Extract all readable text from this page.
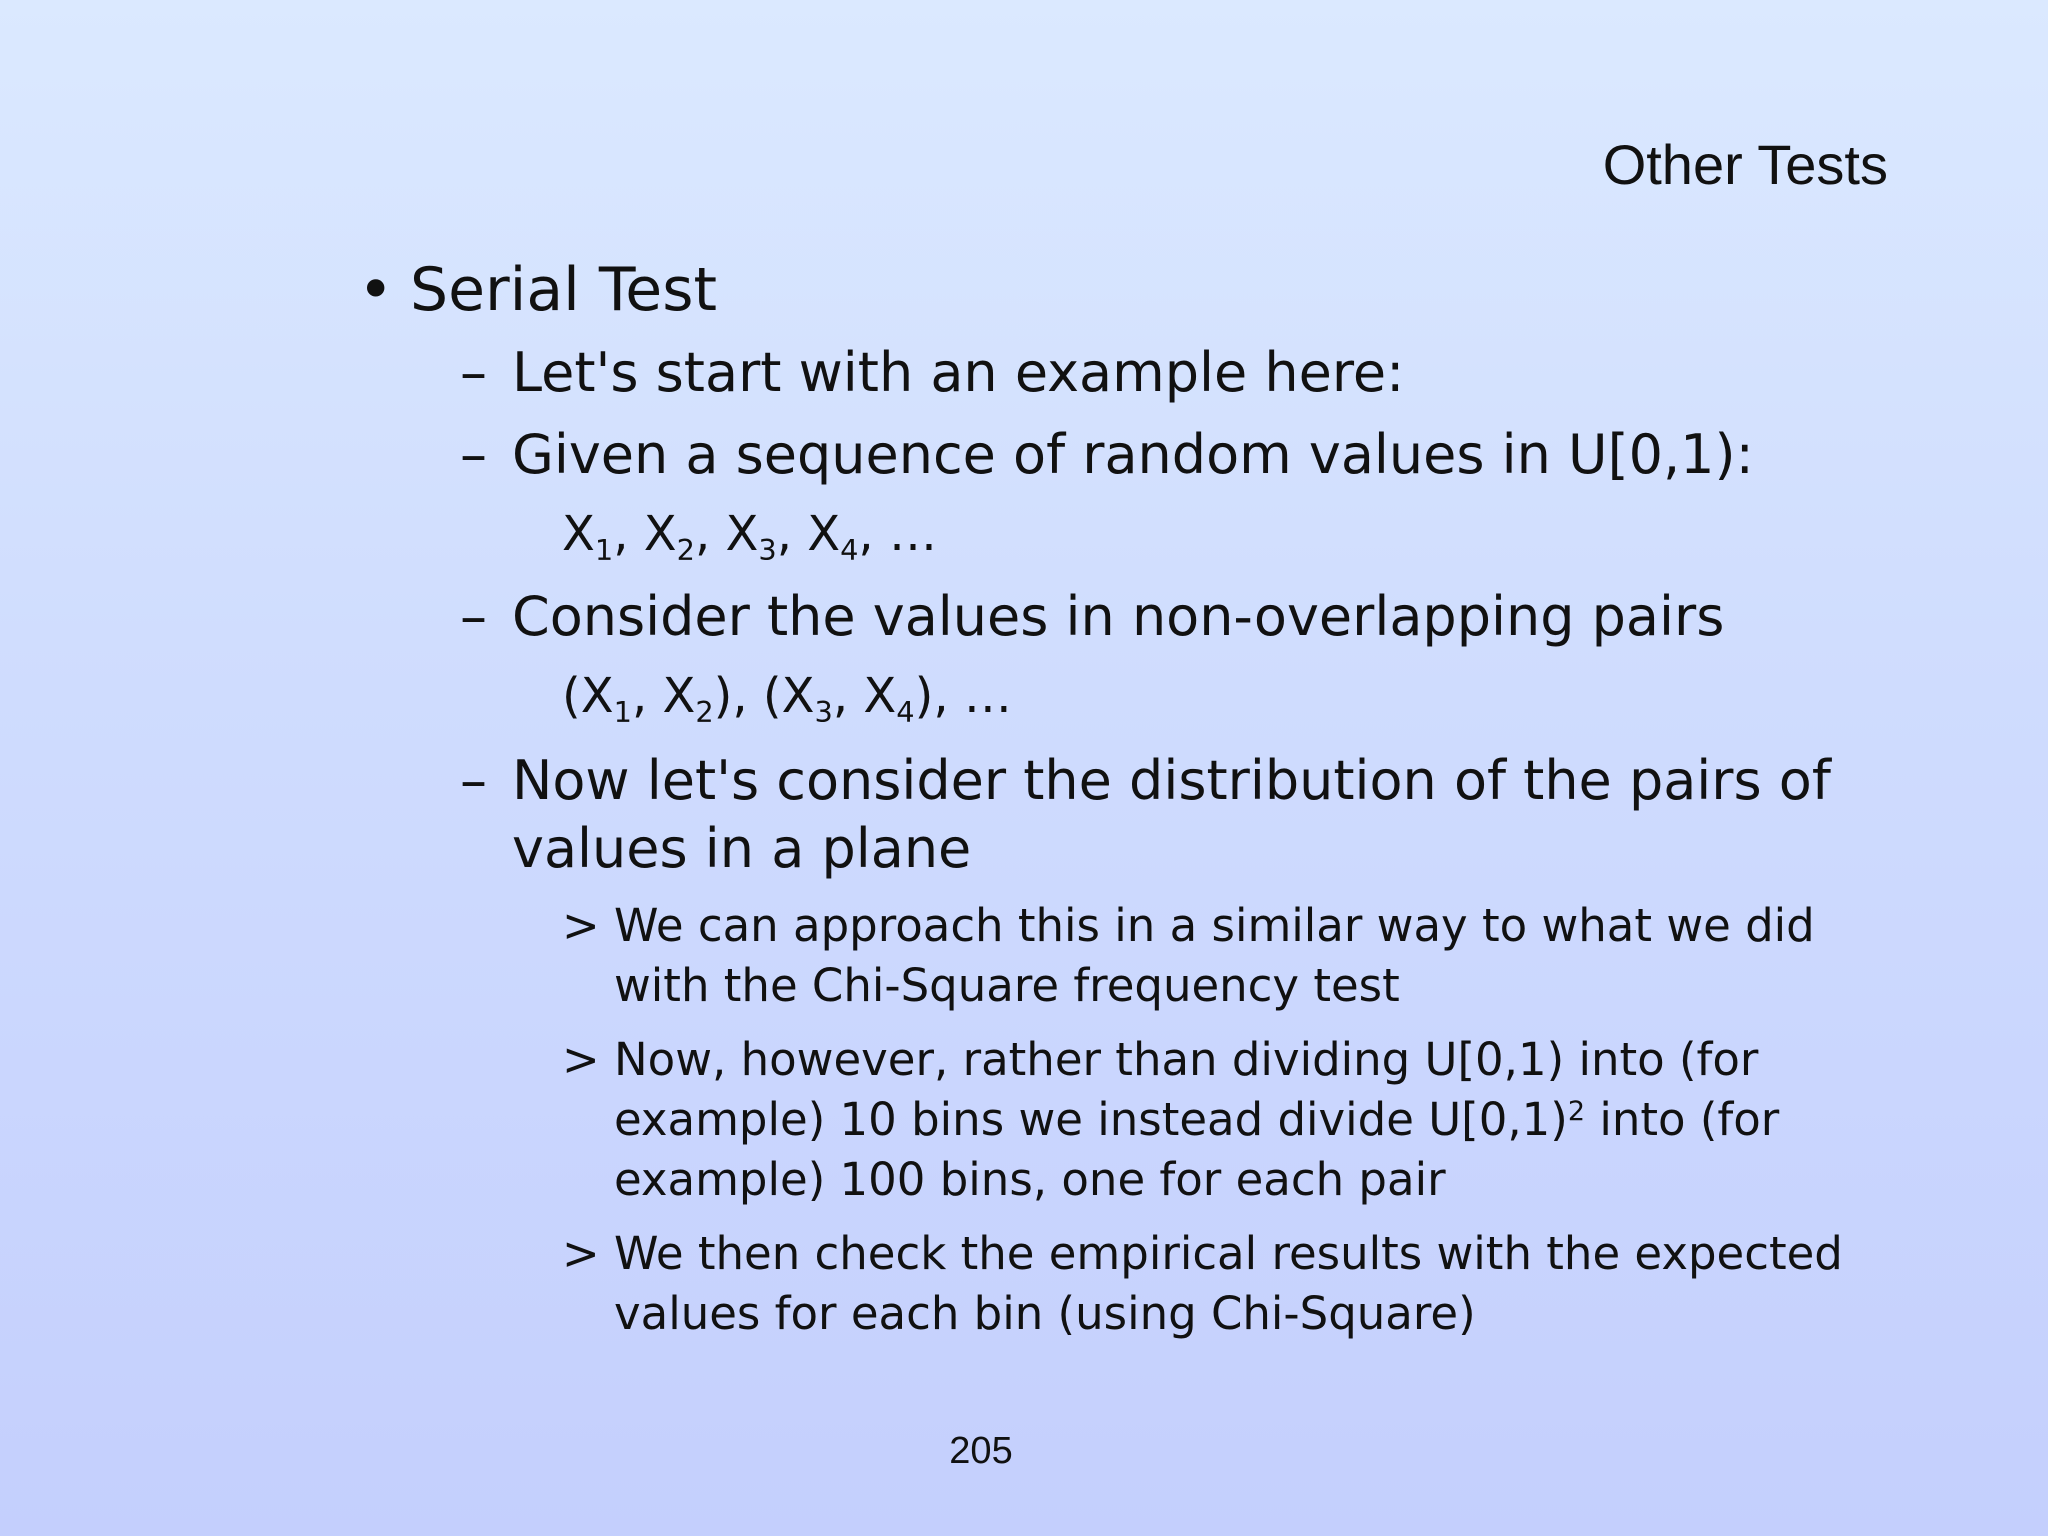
Other Tests
• Serial Test
– Let's start with an example here:
– Given a sequence of random values in U[0,1):
$X_1$, $X_2$, $X_3$, $X_4$, …
– Consider the values in non-overlapping pairs
($X_1$, $X_2$), ($X_3$, $X_4$), …
– Now let's consider the distribution of the pairs of
values in a plane
> We can approach this in a similar way to what we did
with the Chi-Square frequency test
> Now, however, rather than dividing U[0,1) into (for
example) 10 bins we instead divide U[0,1)$^2$ into (for
example) 100 bins, one for each pair
> We then check the empirical results with the expected
values for each bin (using Chi-Square)
205
